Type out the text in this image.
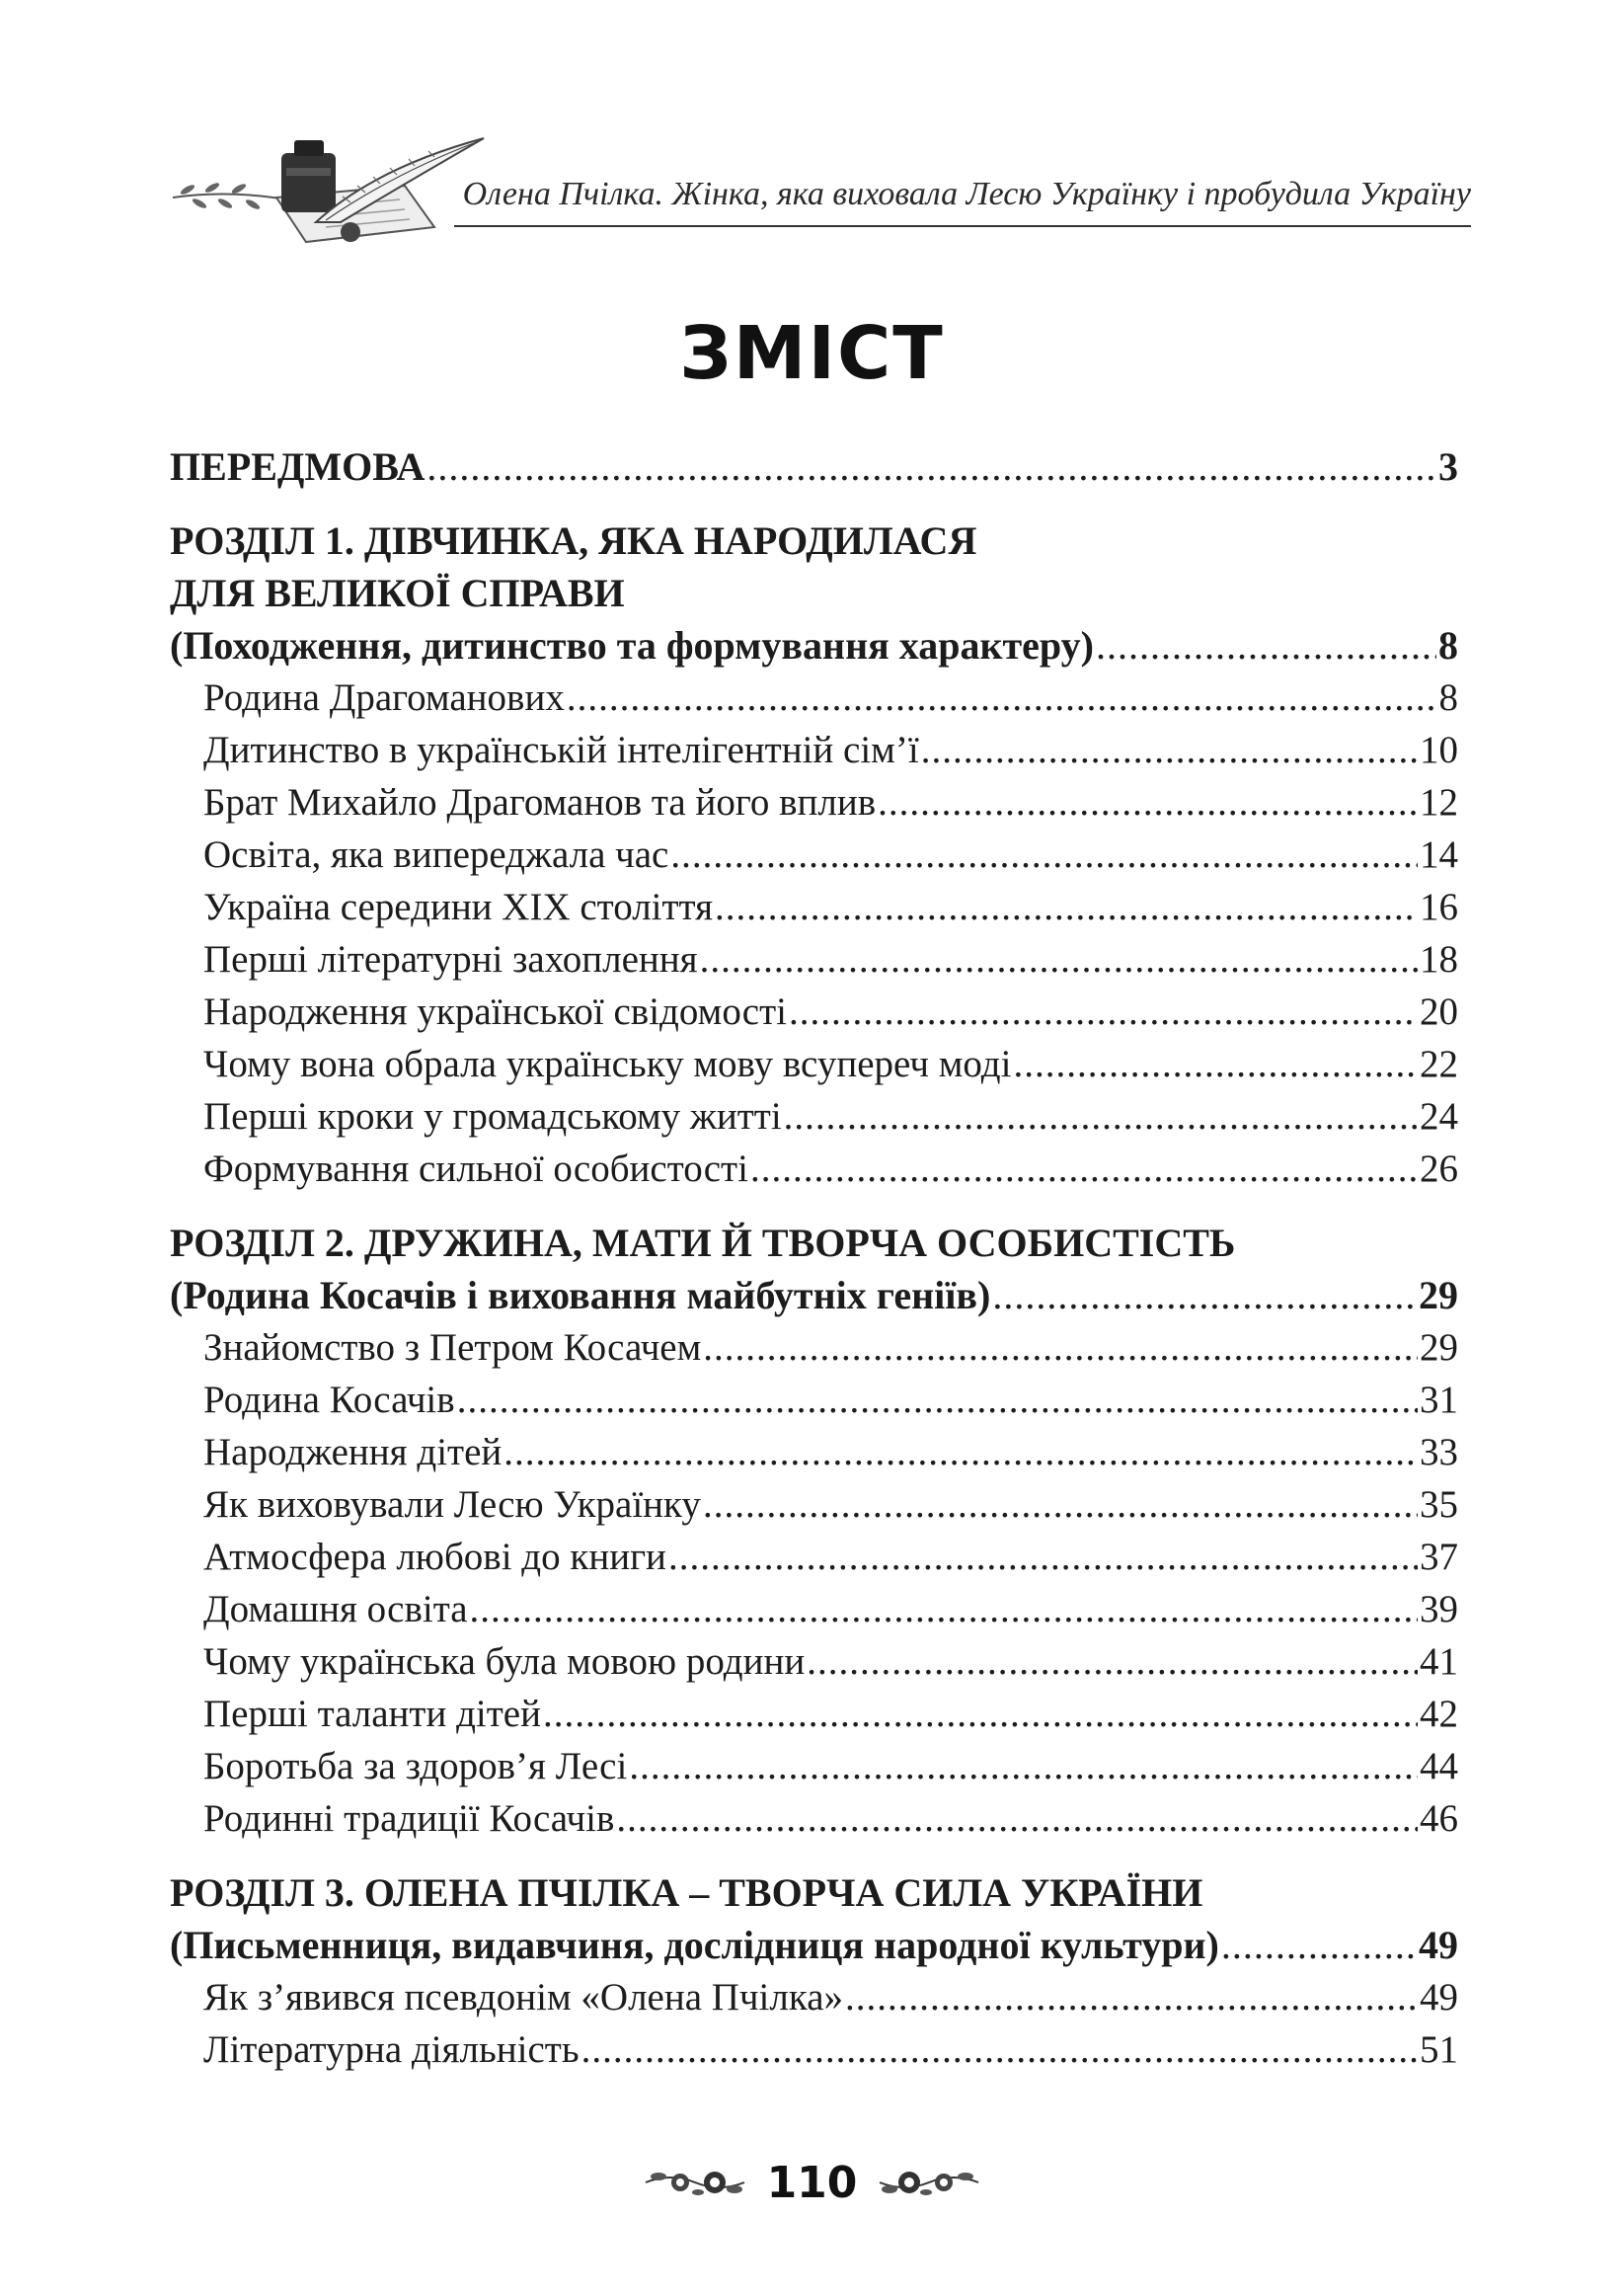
Олена Пчілка. Жінка, яка виховала Лесю Українку і пробудила Україну
ЗМІСТ
ПЕРЕДМОВА .....	3
РОЗДІЛ 1. ДІВЧИНКА, ЯКА НАРОДИЛАСЯ
ДЛЯ ВЕЛИКОЇ СПРАВИ
(Походження, дитинство та формування характеру) .....	8
Родина Драгоманових .....	8
Дитинство в українській інтелігентній сім’ї .....	10
Брат Михайло Драгоманов та його вплив .....	12
Освіта, яка випереджала час .....	14
Україна середини XIX століття .....	16
Перші літературні захоплення .....	18
Народження української свідомості .....	20
Чому вона обрала українську мову всупереч моді .....	22
Перші кроки у громадському житті .....	24
Формування сильної особистості .....	26
РОЗДІЛ 2. ДРУЖИНА, МАТИ Й ТВОРЧА ОСОБИСТІСТЬ
(Родина Косачів і виховання майбутніх геніїв) .....	29
Знайомство з Петром Косачем .....	29
Родина Косачів .....	31
Народження дітей .....	33
Як виховували Лесю Українку .....	35
Атмосфера любові до книги .....	37
Домашня освіта .....	39
Чому українська була мовою родини .....	41
Перші таланти дітей .....	42
Боротьба за здоров’я Лесі .....	44
Родинні традиції Косачів .....	46
РОЗДІЛ 3. ОЛЕНА ПЧІЛКА – ТВОРЧА СИЛА УКРАЇНИ
(Письменниця, видавчиня, дослідниця народної культури) .....	49
Як з’явився псевдонім «Олена Пчілка» .....	49
Літературна діяльність .....	51
110
